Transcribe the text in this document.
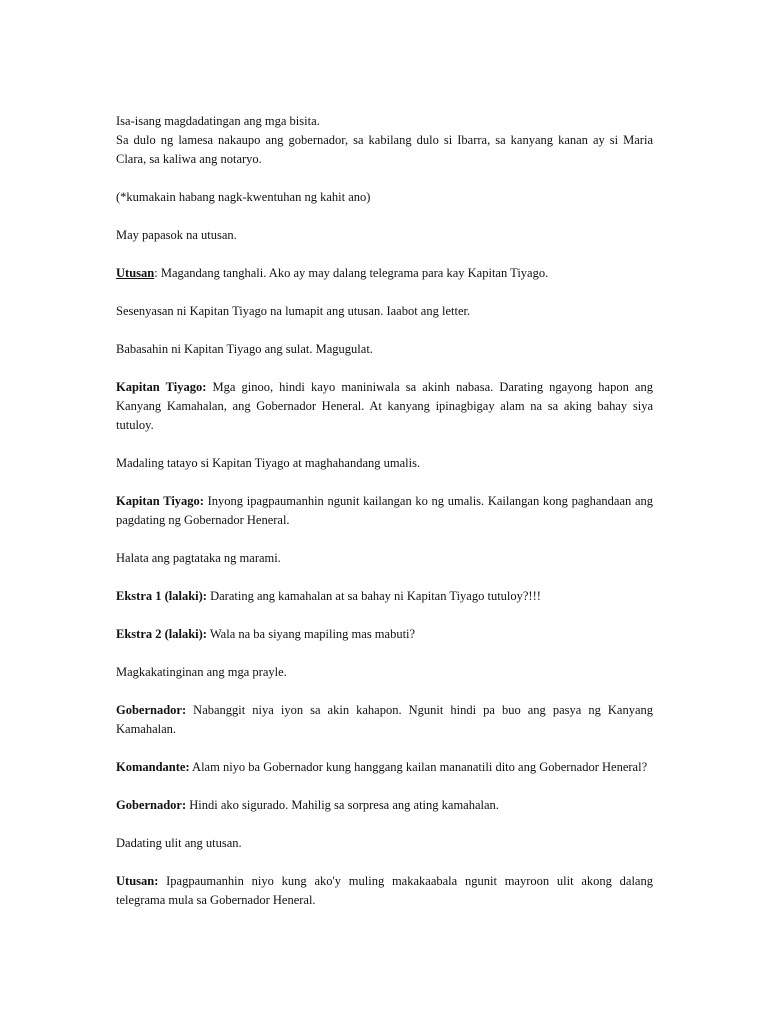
Isa-isang magdadatingan ang mga bisita.

Sa dulo ng lamesa nakaupo ang gobernador, sa kabilang dulo si Ibarra, sa kanyang kanan ay si Maria Clara, sa kaliwa ang notaryo.

(*kumakain habang nagk-kwentuhan ng kahit ano)

May papasok na utusan.

Utusan: Magandang tanghali. Ako ay may dalang telegrama para kay Kapitan Tiyago.

Sesenyasan ni Kapitan Tiyago na lumapit ang utusan. Iaabot ang letter.

Babasahin ni Kapitan Tiyago ang sulat. Magugulat.

Kapitan Tiyago: Mga ginoo, hindi kayo maniniwala sa akinh nabasa. Darating ngayong hapon ang Kanyang Kamahalan, ang Gobernador Heneral. At kanyang ipinagbigay alam na sa aking bahay siya tutuloy.

Madaling tatayo si Kapitan Tiyago at maghahandang umalis.

Kapitan Tiyago: Inyong ipagpaumanhin ngunit kailangan ko ng umalis. Kailangan kong paghandaan ang pagdating ng Gobernador Heneral.

Halata ang pagtataka ng marami.

Ekstra 1 (lalaki): Darating ang kamahalan at sa bahay ni Kapitan Tiyago tutuloy?!!!

Ekstra 2 (lalaki): Wala na ba siyang mapiling mas mabuti?

Magkakatinginan ang mga prayle.

Gobernador: Nabanggit niya iyon sa akin kahapon. Ngunit hindi pa buo ang pasya ng Kanyang Kamahalan.

Komandante: Alam niyo ba Gobernador kung hanggang kailan mananatili dito ang Gobernador Heneral?

Gobernador: Hindi ako sigurado. Mahilig sa sorpresa ang ating kamahalan.

Dadating ulit ang utusan.

Utusan: Ipagpaumanhin niyo kung ako'y muling makakaabala ngunit mayroon ulit akong dalang telegrama mula sa Gobernador Heneral.
